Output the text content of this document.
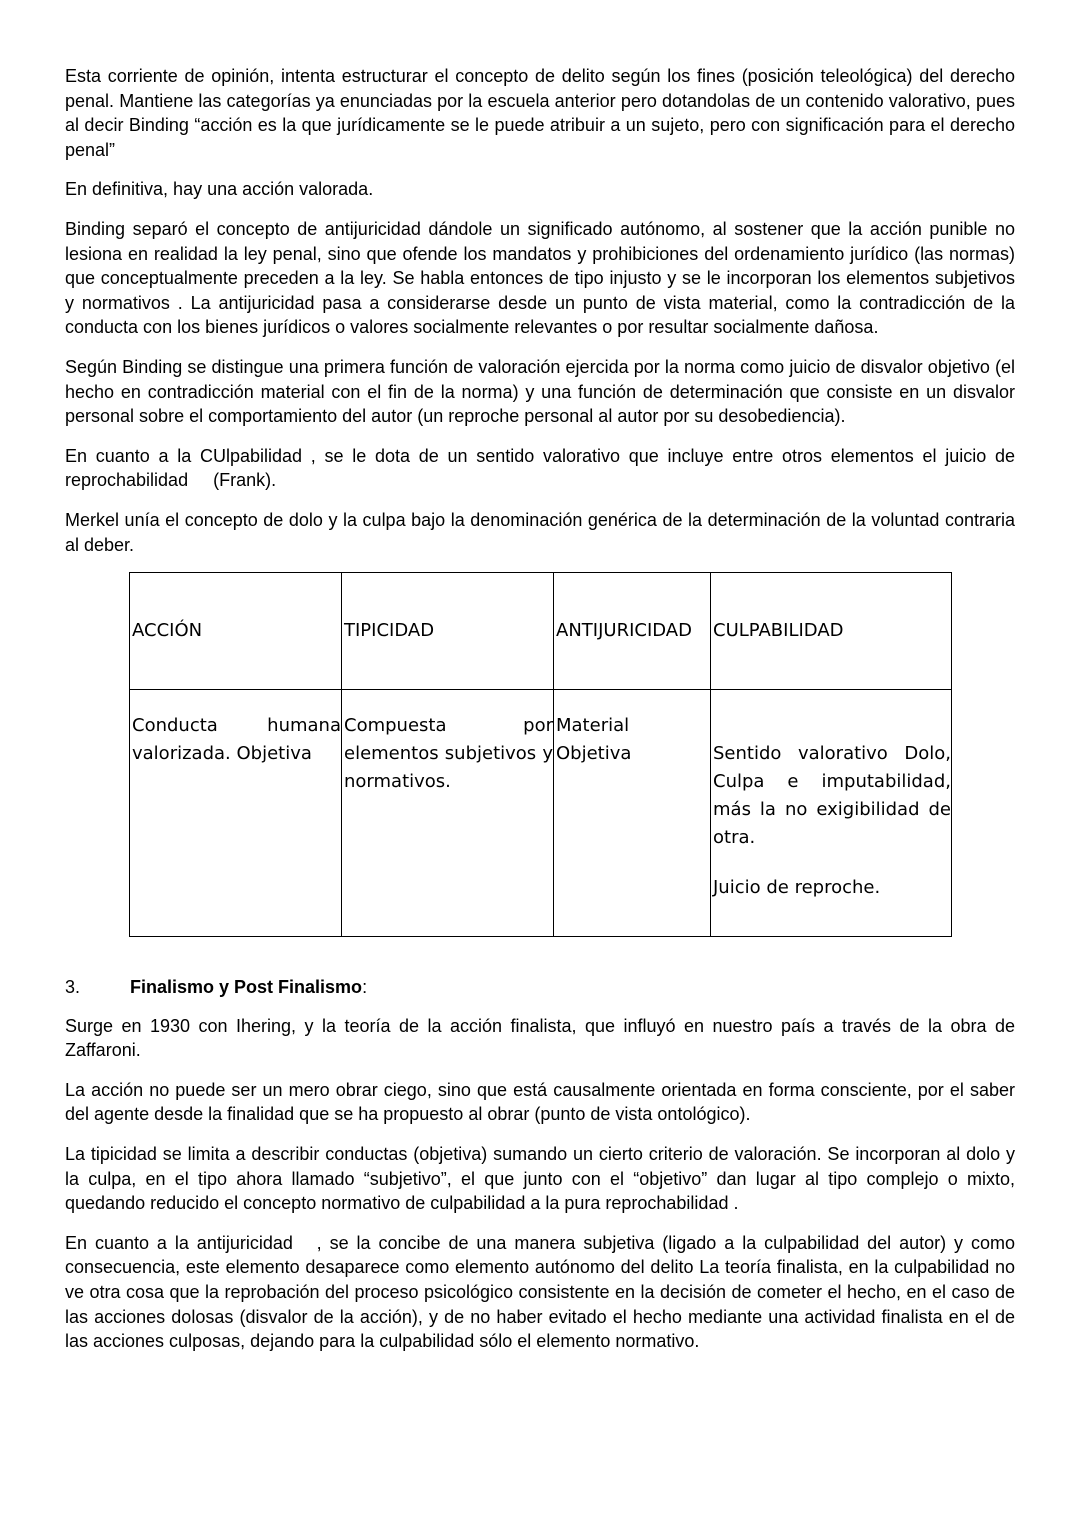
Esta corriente de opinión, intenta estructurar el concepto de delito según los fines (posición teleológica) del derecho penal. Mantiene las categorías ya enunciadas por la escuela anterior pero dotandolas de un contenido valorativo, pues al decir Binding “acción es la que jurídicamente se le puede atribuir a un sujeto, pero con significación para el derecho penal”

En definitiva, hay una acción valorada.

Binding separó el concepto de antijuricidad dándole un significado autónomo, al sostener que la acción punible no lesiona en realidad la ley penal, sino que ofende los mandatos y prohibiciones del ordenamiento jurídico (las normas) que conceptualmente preceden a la ley. Se habla entonces de tipo injusto y se le incorporan los elementos subjetivos y normativos . La antijuricidad pasa a considerarse desde un punto de vista material, como la contradicción de la conducta con los bienes jurídicos o valores socialmente relevantes o por resultar socialmente dañosa.

Según Binding se distingue una primera función de valoración ejercida por la norma como juicio de disvalor objetivo (el hecho en contradicción material con el fin de la norma) y una función de determinación que consiste en un disvalor personal sobre el comportamiento del autor (un reproche personal al autor por su desobediencia).

En cuanto a la CUlpabilidad , se le dota de un sentido valorativo que incluye entre otros elementos el juicio de reprochabilidad     (Frank).

Merkel unía el concepto de dolo y la culpa bajo la denominación genérica de la determinación de la voluntad contraria al deber.

ACCIÓN	TIPICIDAD	ANTIJURICIDAD	CULPABILIDAD
Conducta humana valorizada. Objetiva	Compuesta por elementos subjetivos y normativos.	Material Objetiva	Sentido valorativo Dolo, Culpa e imputabilidad, más la no exigibilidad de otra.
Juicio de reproche.
3.	Finalismo y Post Finalismo:

Surge en 1930 con Ihering, y la teoría de la acción finalista, que influyó en nuestro país a través de la obra de Zaffaroni.

La acción no puede ser un mero obrar ciego, sino que está causalmente orientada en forma consciente, por el saber del agente desde la finalidad que se ha propuesto al obrar (punto de vista ontológico).

La tipicidad se limita a describir conductas (objetiva) sumando un cierto criterio de valoración. Se incorporan al dolo y la culpa, en el tipo ahora llamado “subjetivo”, el que junto con el “objetivo” dan lugar al tipo complejo o mixto, quedando reducido el concepto normativo de culpabilidad a la pura reprochabilidad .

En cuanto a la antijuricidad   , se la concibe de una manera subjetiva (ligado a la culpabilidad del autor) y como consecuencia, este elemento desaparece como elemento autónomo del delito La teoría finalista, en la culpabilidad no ve otra cosa que la reprobación del proceso psicológico consistente en la decisión de cometer el hecho, en el caso de las acciones dolosas (disvalor de la acción), y de no haber evitado el hecho mediante una actividad finalista en el de las acciones culposas, dejando para la culpabilidad sólo el elemento normativo.
